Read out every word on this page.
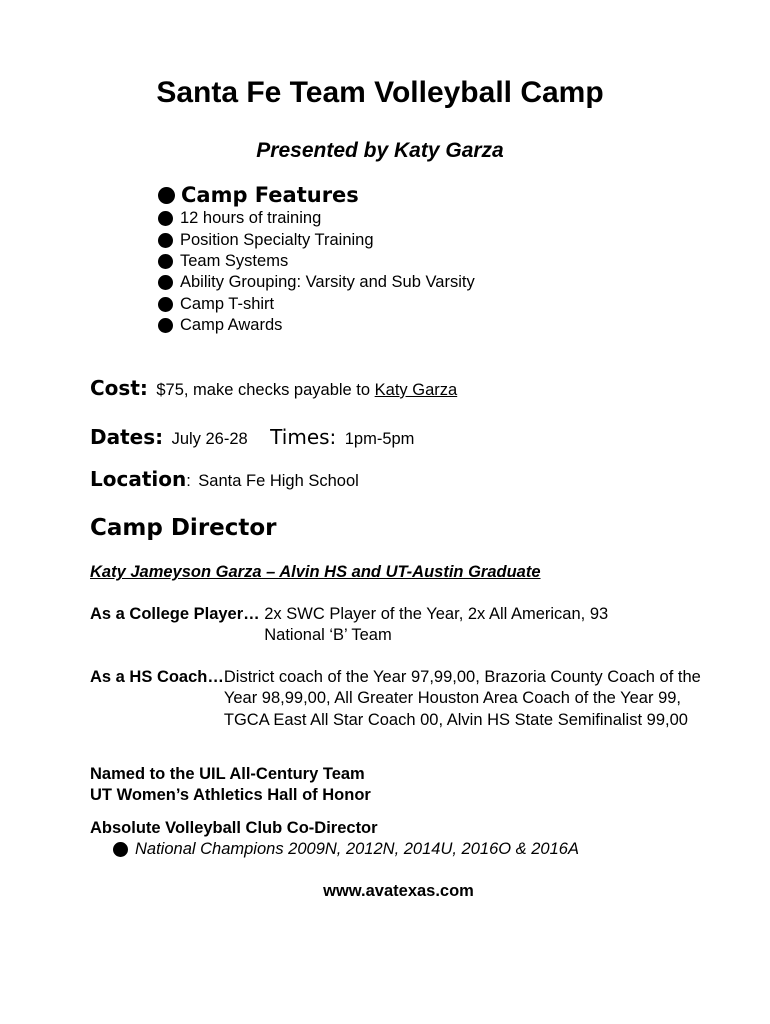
Santa Fe Team Volleyball Camp
Presented by Katy Garza
Camp Features
12 hours of training
Position Specialty Training
Team Systems
Ability Grouping: Varsity and Sub Varsity
Camp T-shirt
Camp Awards
Cost: $75, make checks payable to Katy Garza
Dates: July 26-28 Times: 1pm-5pm
Location: Santa Fe High School
Camp Director
Katy Jameyson Garza – Alvin HS and UT-Austin Graduate
As a College Player… 2x SWC Player of the Year, 2x All American, 93 National ‘B’ Team
As a HS Coach… District coach of the Year 97,99,00, Brazoria County Coach of the Year 98,99,00, All Greater Houston Area Coach of the Year 99, TGCA East All Star Coach 00, Alvin HS State Semifinalist 99,00
Named to the UIL All-Century Team
UT Women’s Athletics Hall of Honor
Absolute Volleyball Club Co-Director
National Champions 2009N, 2012N, 2014U, 2016O & 2016A
www.avatexas.com
